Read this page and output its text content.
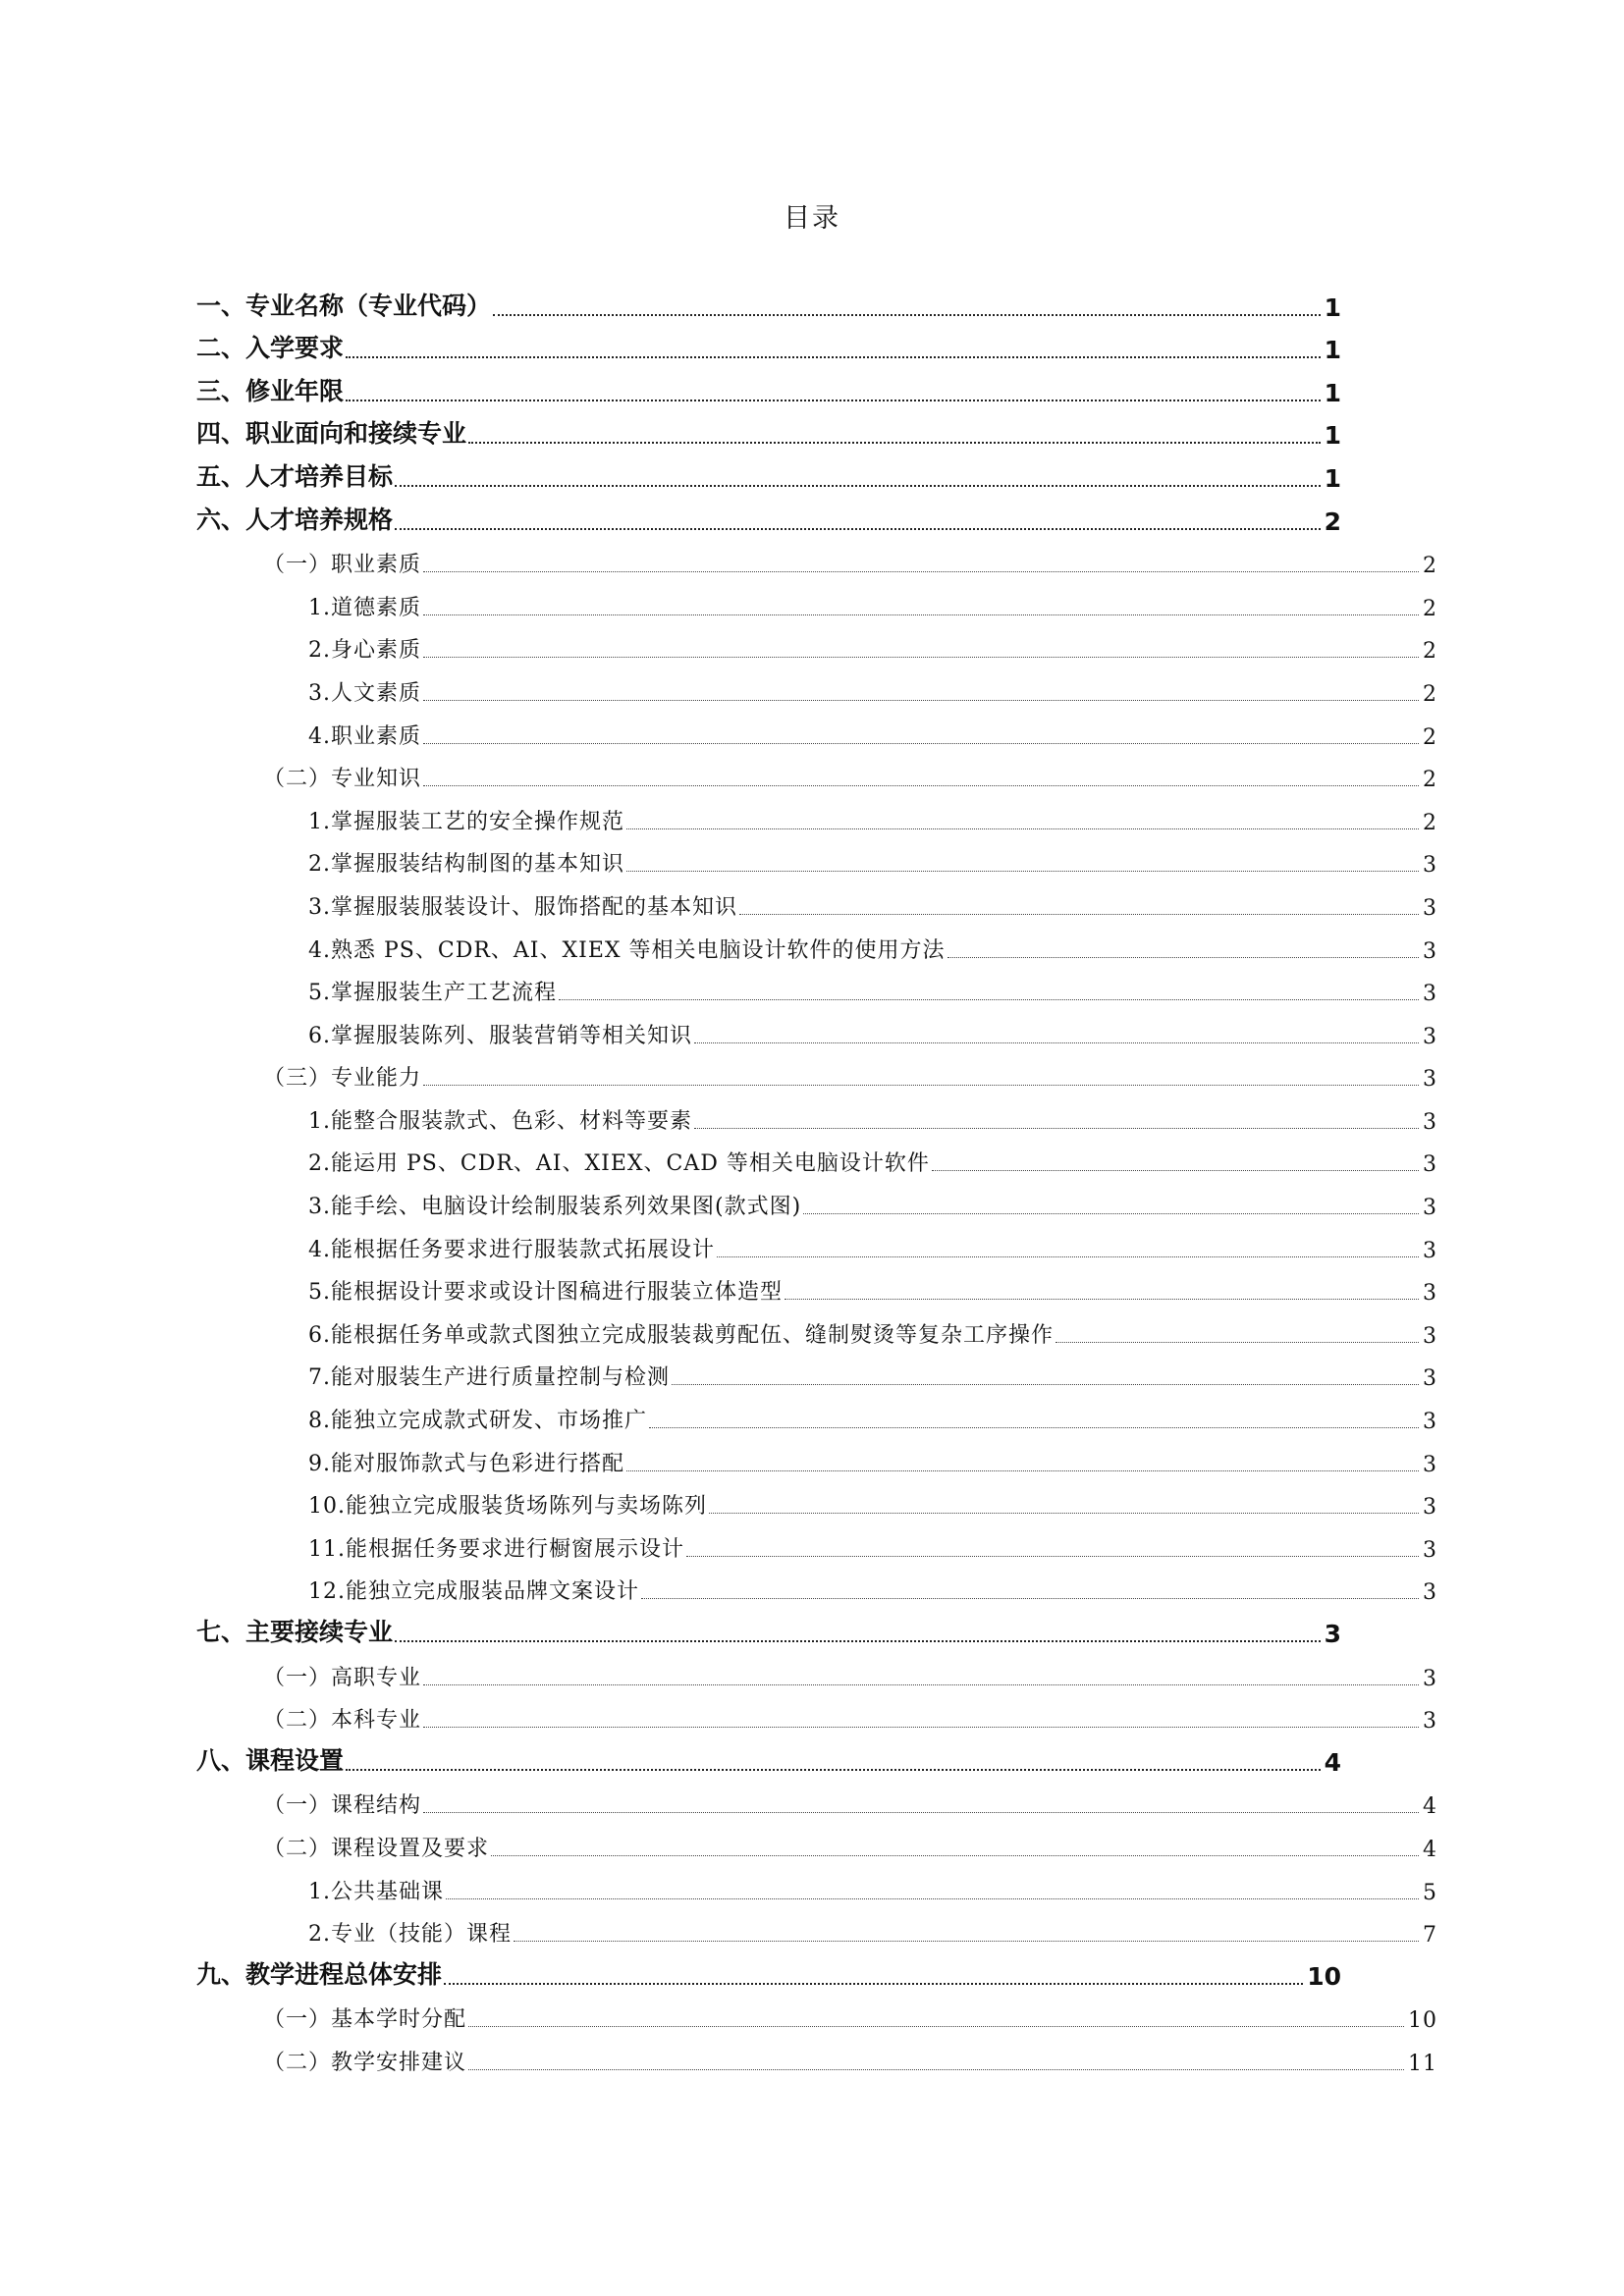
目录
一、专业名称（专业代码）	1
二、入学要求	1
三、修业年限	1
四、职业面向和接续专业	1
五、人才培养目标	1
六、人才培养规格	2
（一）职业素质	2
1.道德素质	2
2.身心素质	2
3.人文素质	2
4.职业素质	2
（二）专业知识	2
1.掌握服装工艺的安全操作规范	2
2.掌握服装结构制图的基本知识	3
3.掌握服装服装设计、服饰搭配的基本知识	3
4.熟悉 PS、CDR、AI、XIEX 等相关电脑设计软件的使用方法	3
5.掌握服装生产工艺流程	3
6.掌握服装陈列、服装营销等相关知识	3
（三）专业能力	3
1.能整合服装款式、色彩、材料等要素	3
2.能运用 PS、CDR、AI、XIEX、CAD 等相关电脑设计软件	3
3.能手绘、电脑设计绘制服装系列效果图(款式图)	3
4.能根据任务要求进行服装款式拓展设计	3
5.能根据设计要求或设计图稿进行服装立体造型	3
6.能根据任务单或款式图独立完成服装裁剪配伍、缝制熨烫等复杂工序操作	3
7.能对服装生产进行质量控制与检测	3
8.能独立完成款式研发、市场推广	3
9.能对服饰款式与色彩进行搭配	3
10.能独立完成服装货场陈列与卖场陈列	3
11.能根据任务要求进行橱窗展示设计	3
12.能独立完成服装品牌文案设计	3
七、主要接续专业	3
（一）高职专业	3
（二）本科专业	3
八、课程设置	4
（一）课程结构	4
（二）课程设置及要求	4
1.公共基础课	5
2.专业（技能）课程	7
九、教学进程总体安排	10
（一）基本学时分配	10
（二）教学安排建议	11
